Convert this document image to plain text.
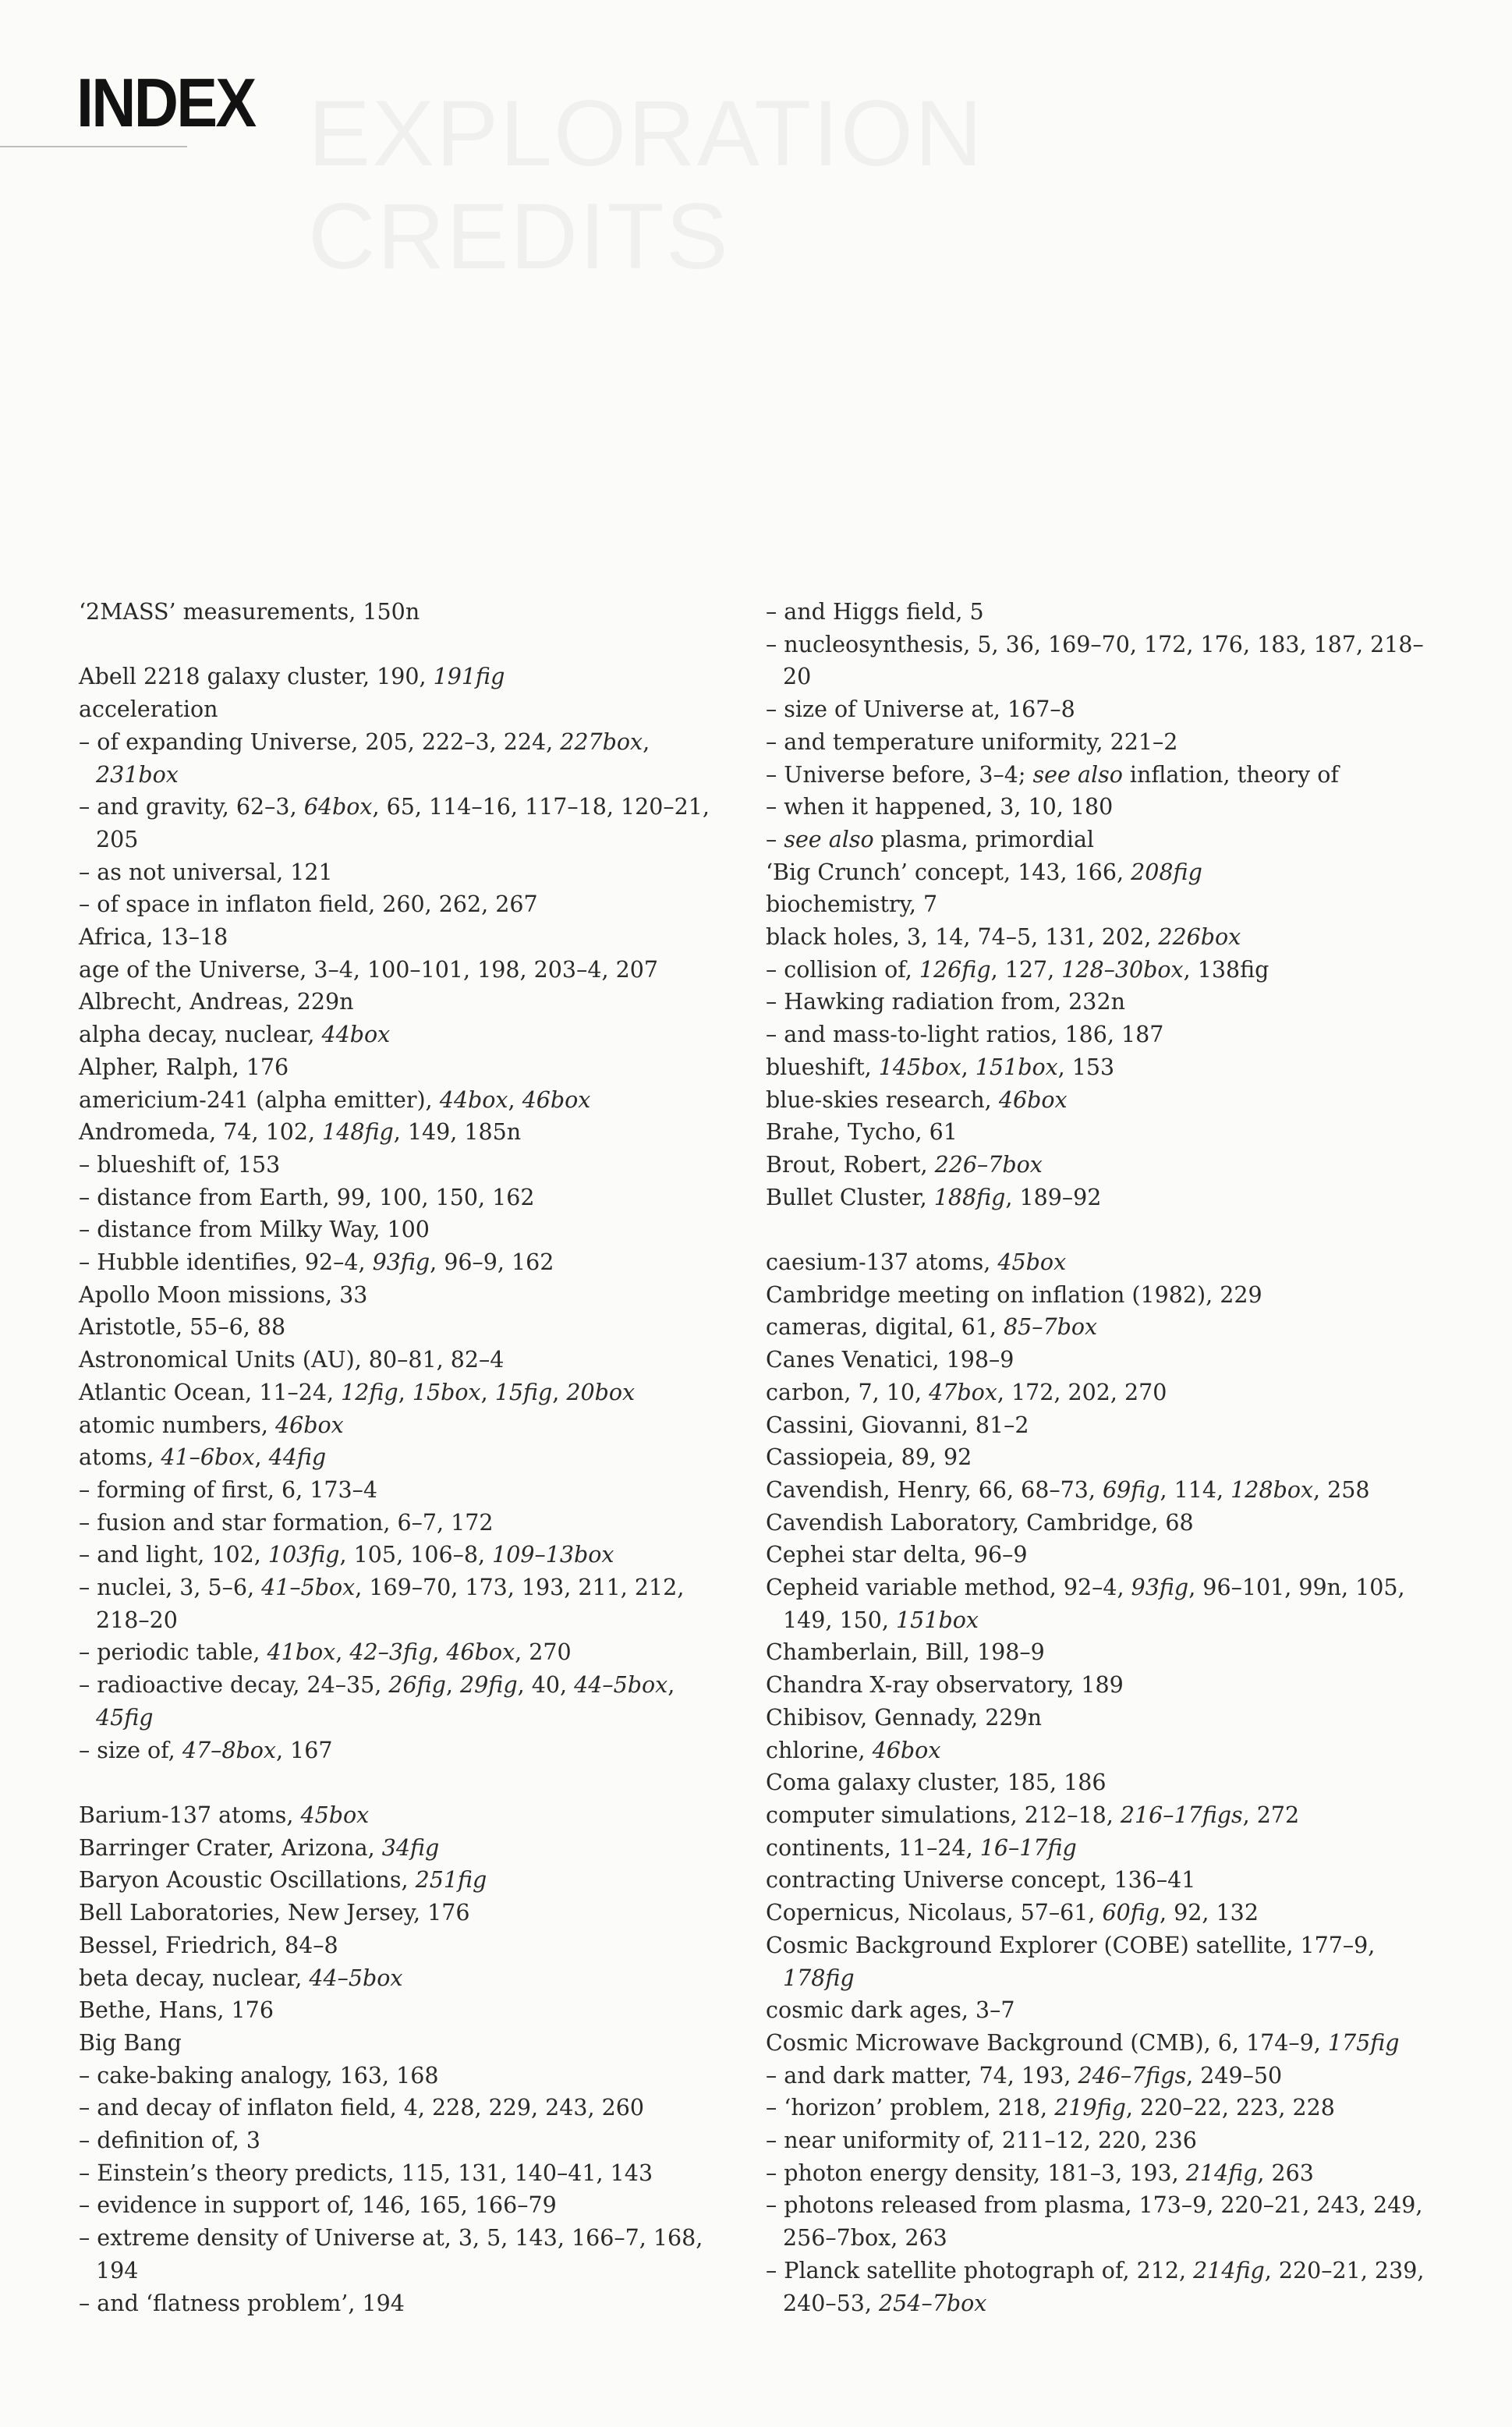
INDEX
‘2MASS’ measurements, 150n
Abell 2218 galaxy cluster, 190, 191fig
acceleration
– of expanding Universe, 205, 222–3, 224, 227box, 231box
– and gravity, 62–3, 64box, 65, 114–16, 117–18, 120–21, 205
– as not universal, 121
– of space in inflaton field, 260, 262, 267
Africa, 13–18
age of the Universe, 3–4, 100–101, 198, 203–4, 207
Albrecht, Andreas, 229n
alpha decay, nuclear, 44box
Alpher, Ralph, 176
americium-241 (alpha emitter), 44box, 46box
Andromeda, 74, 102, 148fig, 149, 185n
– blueshift of, 153
– distance from Earth, 99, 100, 150, 162
– distance from Milky Way, 100
– Hubble identifies, 92–4, 93fig, 96–9, 162
Apollo Moon missions, 33
Aristotle, 55–6, 88
Astronomical Units (AU), 80–81, 82–4
Atlantic Ocean, 11–24, 12fig, 15box, 15fig, 20box
atomic numbers, 46box
atoms, 41–6box, 44fig
– forming of first, 6, 173–4
– fusion and star formation, 6–7, 172
– and light, 102, 103fig, 105, 106–8, 109–13box
– nuclei, 3, 5–6, 41–5box, 169–70, 173, 193, 211, 212, 218–20
– periodic table, 41box, 42–3fig, 46box, 270
– radioactive decay, 24–35, 26fig, 29fig, 40, 44–5box, 45fig
– size of, 47–8box, 167
Barium-137 atoms, 45box
Barringer Crater, Arizona, 34fig
Baryon Acoustic Oscillations, 251fig
Bell Laboratories, New Jersey, 176
Bessel, Friedrich, 84–8
beta decay, nuclear, 44–5box
Bethe, Hans, 176
Big Bang
– cake-baking analogy, 163, 168
– and decay of inflaton field, 4, 228, 229, 243, 260
– definition of, 3
– Einstein’s theory predicts, 115, 131, 140–41, 143
– evidence in support of, 146, 165, 166–79
– extreme density of Universe at, 3, 5, 143, 166–7, 168, 194
– and ‘flatness problem’, 194
– and Higgs field, 5
– nucleosynthesis, 5, 36, 169–70, 172, 176, 183, 187, 218–20
– size of Universe at, 167–8
– and temperature uniformity, 221–2
– Universe before, 3–4; see also inflation, theory of
– when it happened, 3, 10, 180
– see also plasma, primordial
‘Big Crunch’ concept, 143, 166, 208fig
biochemistry, 7
black holes, 3, 14, 74–5, 131, 202, 226box
– collision of, 126fig, 127, 128–30box, 138fig
– Hawking radiation from, 232n
– and mass-to-light ratios, 186, 187
blueshift, 145box, 151box, 153
blue-skies research, 46box
Brahe, Tycho, 61
Brout, Robert, 226–7box
Bullet Cluster, 188fig, 189–92
caesium-137 atoms, 45box
Cambridge meeting on inflation (1982), 229
cameras, digital, 61, 85–7box
Canes Venatici, 198–9
carbon, 7, 10, 47box, 172, 202, 270
Cassini, Giovanni, 81–2
Cassiopeia, 89, 92
Cavendish, Henry, 66, 68–73, 69fig, 114, 128box, 258
Cavendish Laboratory, Cambridge, 68
Cephei star delta, 96–9
Cepheid variable method, 92–4, 93fig, 96–101, 99n, 105, 149, 150, 151box
Chamberlain, Bill, 198–9
Chandra X-ray observatory, 189
Chibisov, Gennady, 229n
chlorine, 46box
Coma galaxy cluster, 185, 186
computer simulations, 212–18, 216–17figs, 272
continents, 11–24, 16–17fig
contracting Universe concept, 136–41
Copernicus, Nicolaus, 57–61, 60fig, 92, 132
Cosmic Background Explorer (COBE) satellite, 177–9, 178fig
cosmic dark ages, 3–7
Cosmic Microwave Background (CMB), 6, 174–9, 175fig
– and dark matter, 74, 193, 246–7figs, 249–50
– ‘horizon’ problem, 218, 219fig, 220–22, 223, 228
– near uniformity of, 211–12, 220, 236
– photon energy density, 181–3, 193, 214fig, 263
– photons released from plasma, 173–9, 220–21, 243, 249, 256–7box, 263
– Planck satellite photograph of, 212, 214fig, 220–21, 239, 240–53, 254–7box
